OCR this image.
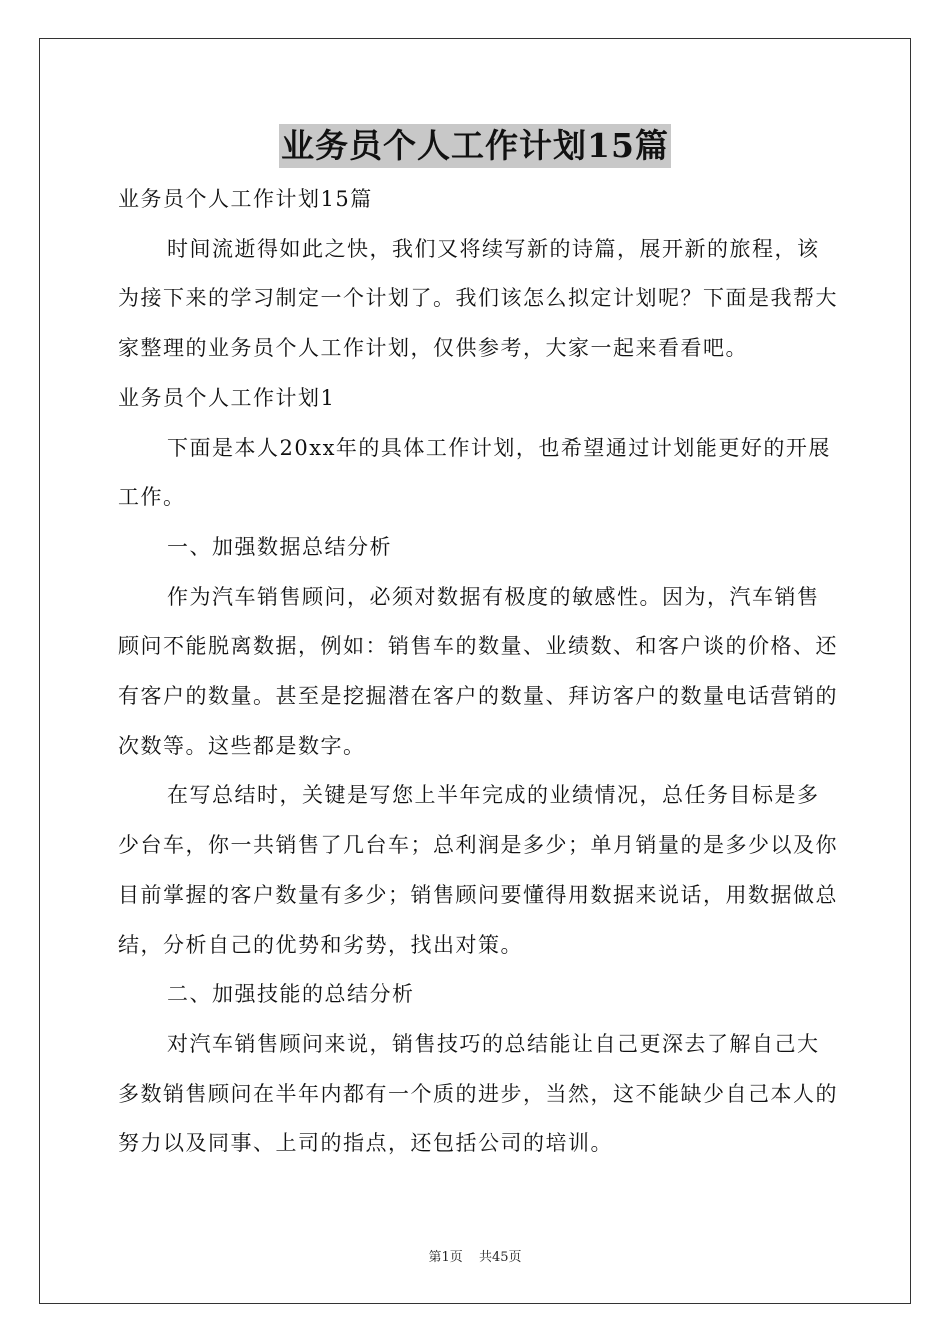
业务员个人工作计划15篇

业务员个人工作计划15篇

时间流逝得如此之快，我们又将续写新的诗篇，展开新的旅程，该为接下来的学习制定一个计划了。我们该怎么拟定计划呢？下面是我帮大家整理的业务员个人工作计划，仅供参考，大家一起来看看吧。

业务员个人工作计划1

下面是本人20xx年的具体工作计划，也希望通过计划能更好的开展工作。

一、加强数据总结分析

作为汽车销售顾问，必须对数据有极度的敏感性。因为，汽车销售顾问不能脱离数据，例如：销售车的数量、业绩数、和客户谈的价格、还有客户的数量。甚至是挖掘潜在客户的数量、拜访客户的数量电话营销的次数等。这些都是数字。

在写总结时，关键是写您上半年完成的业绩情况，总任务目标是多少台车，你一共销售了几台车；总利润是多少；单月销量的是多少以及你目前掌握的客户数量有多少；销售顾问要懂得用数据来说话，用数据做总结，分析自己的优势和劣势，找出对策。

二、加强技能的总结分析

对汽车销售顾问来说，销售技巧的总结能让自己更深去了解自己大多数销售顾问在半年内都有一个质的进步，当然，这不能缺少自己本人的努力以及同事、上司的指点，还包括公司的培训。

第1页 共45页
